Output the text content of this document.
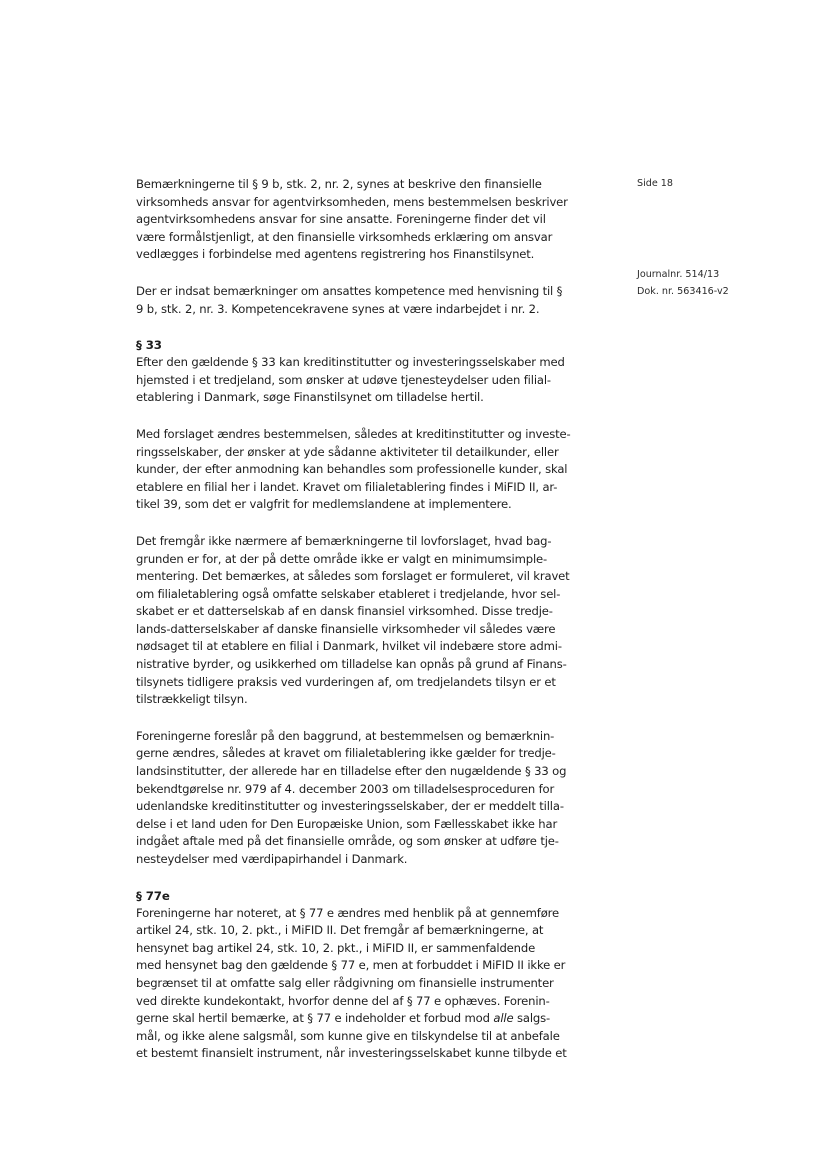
Side 18
Journalnr. 514/13
Dok. nr. 563416-v2

Bemærkningerne til § 9 b, stk. 2, nr. 2, synes at beskrive den finansielle
virksomheds ansvar for agentvirksomheden, mens bestemmelsen beskriver
agentvirksomhedens ansvar for sine ansatte. Foreningerne finder det vil
være formålstjenligt, at den finansielle virksomheds erklæring om ansvar
vedlægges i forbindelse med agentens registrering hos Finanstilsynet.

Der er indsat bemærkninger om ansattes kompetence med henvisning til §
9 b, stk. 2, nr. 3. Kompetencekravene synes at være indarbejdet i nr. 2.

§ 33

Efter den gældende § 33 kan kreditinstitutter og investeringsselskaber med
hjemsted i et tredjeland, som ønsker at udøve tjenesteydelser uden filial-
etablering i Danmark, søge Finanstilsynet om tilladelse hertil.

Med forslaget ændres bestemmelsen, således at kreditinstitutter og investe-
ringsselskaber, der ønsker at yde sådanne aktiviteter til detailkunder, eller
kunder, der efter anmodning kan behandles som professionelle kunder, skal
etablere en filial her i landet. Kravet om filialetablering findes i MiFID II, ar-
tikel 39, som det er valgfrit for medlemslandene at implementere.

Det fremgår ikke nærmere af bemærkningerne til lovforslaget, hvad bag-
grunden er for, at der på dette område ikke er valgt en minimumsimple-
mentering. Det bemærkes, at således som forslaget er formuleret, vil kravet
om filialetablering også omfatte selskaber etableret i tredjelande, hvor sel-
skabet er et datterselskab af en dansk finansiel virksomhed. Disse tredje-
lands-datterselskaber af danske finansielle virksomheder vil således være
nødsaget til at etablere en filial i Danmark, hvilket vil indebære store admi-
nistrative byrder, og usikkerhed om tilladelse kan opnås på grund af Finans-
tilsynets tidligere praksis ved vurderingen af, om tredjelandets tilsyn er et
tilstrækkeligt tilsyn.

Foreningerne foreslår på den baggrund, at bestemmelsen og bemærknin-
gerne ændres, således at kravet om filialetablering ikke gælder for tredje-
landsinstitutter, der allerede har en tilladelse efter den nugældende § 33 og
bekendtgørelse nr. 979 af 4. december 2003 om tilladelsesproceduren for
udenlandske kreditinstitutter og investeringsselskaber, der er meddelt tilla-
delse i et land uden for Den Europæiske Union, som Fællesskabet ikke har
indgået aftale med på det finansielle område, og som ønsker at udføre tje-
nesteydelser med værdipapirhandel i Danmark.

§ 77e

Foreningerne har noteret, at § 77 e ændres med henblik på at gennemføre
artikel 24, stk. 10, 2. pkt., i MiFID II. Det fremgår af bemærkningerne, at
hensynet bag artikel 24, stk. 10, 2. pkt., i MiFID II, er sammenfaldende
med hensynet bag den gældende § 77 e, men at forbuddet i MiFID II ikke er
begrænset til at omfatte salg eller rådgivning om finansielle instrumenter
ved direkte kundekontakt, hvorfor denne del af § 77 e ophæves. Forenin-
gerne skal hertil bemærke, at § 77 e indeholder et forbud mod alle salgs-
mål, og ikke alene salgsmål, som kunne give en tilskyndelse til at anbefale
et bestemt finansielt instrument, når investeringsselskabet kunne tilbyde et
